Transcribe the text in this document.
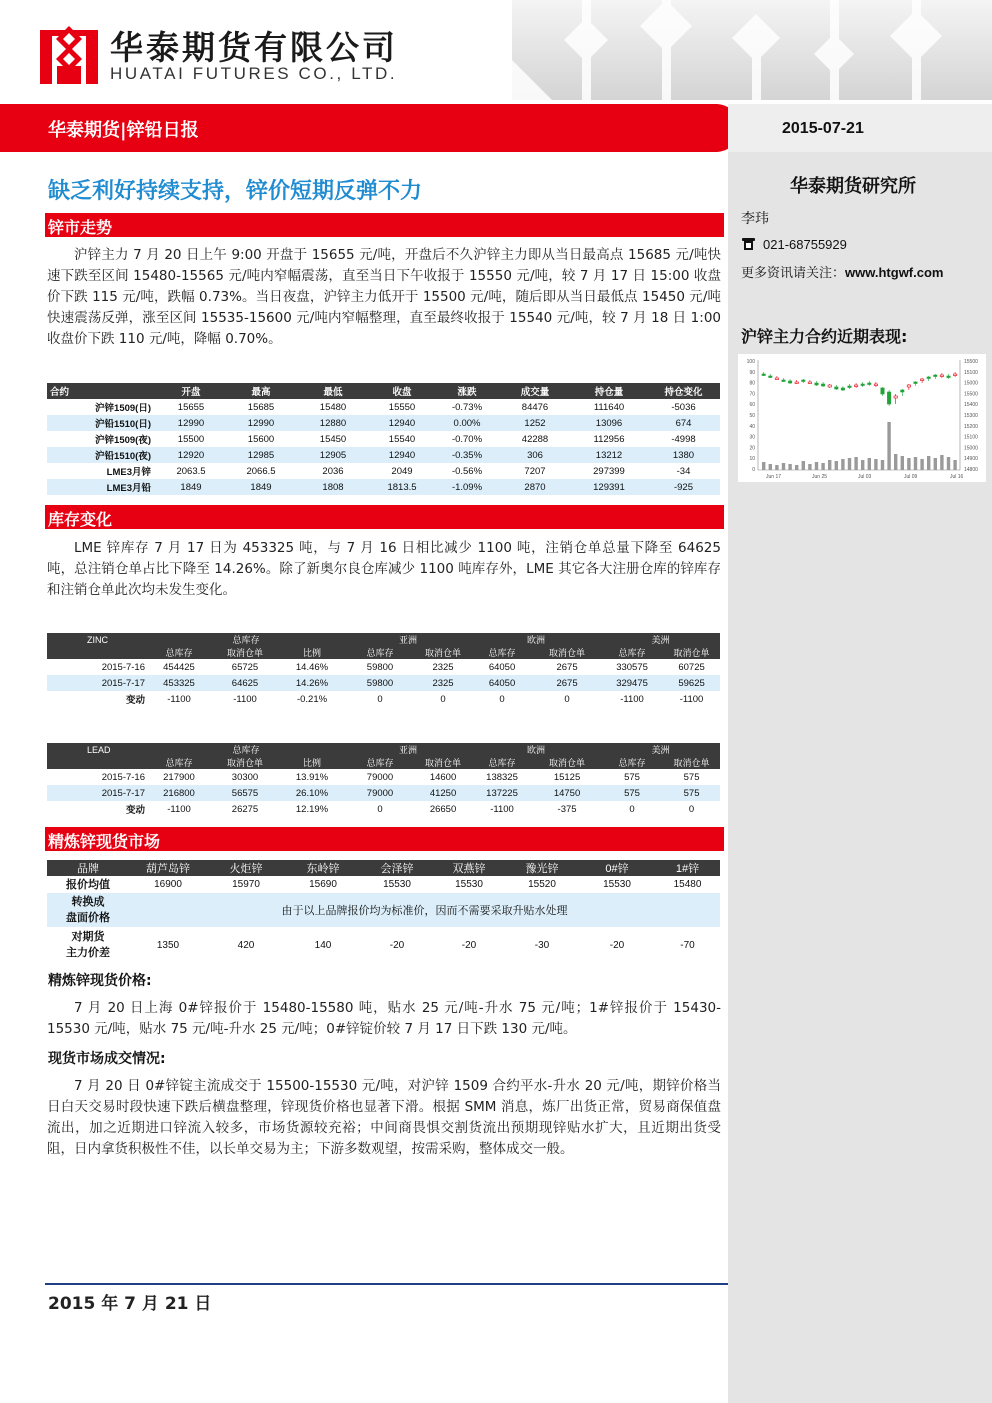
华泰期货有限公司
HUATAI FUTURES CO., LTD.
华泰期货|锌铅日报	2015-07-21
华泰期货研究所
李玮
021-68755929
更多资讯请关注：www.htgwf.com
沪锌主力合约近期表现:
100
90
80
70
60
50
40
30
20
10
0
15500
15100
15000
15500
15400
15300
15200
15100
15000
14900
14800
Jun 17	Jun 25	Jul 03	Jul 09	Jul 16
缺乏利好持续支持，锌价短期反弹不力
锌市走势

沪锌主力 7 月 20 日上午 9:00 开盘于 15655 元/吨，开盘后不久沪锌主力即从当日最高点 15685 元/吨快速下跌至区间 15480-15565 元/吨内窄幅震荡，直至当日下午收报于 15550 元/吨，较 7 月 17 日 15:00 收盘价下跌 115 元/吨，跌幅 0.73%。当日夜盘，沪锌主力低开于 15500 元/吨，随后即从当日最低点 15450 元/吨快速震荡反弹，涨至区间 15535-15600 元/吨内窄幅整理，直至最终收报于 15540 元/吨，较 7 月 18 日 1:00 收盘价下跌 110 元/吨，降幅 0.70%。

合约	开盘	最高	最低	收盘	涨跌	成交量	持仓量	持仓变化
沪锌1509(日)	15655	15685	15480	15550	-0.73%	84476	111640	-5036
沪铅1510(日)	12990	12990	12880	12940	0.00%	1252	13096	674
沪锌1509(夜)	15500	15600	15450	15540	-0.70%	42288	112956	-4998
沪铅1510(夜)	12920	12985	12905	12940	-0.35%	306	13212	1380
LME3月锌	2063.5	2066.5	2036	2049	-0.56%	7207	297399	-34
LME3月铅	1849	1849	1808	1813.5	-1.09%	2870	129391	-925
库存变化

LME 锌库存 7 月 17 日为 453325 吨，与 7 月 16 日相比减少 1100 吨，注销仓单总量下降至 64625 吨，总注销仓单占比下降至 14.26%。除了新奥尔良仓库减少 1100 吨库存外，LME 其它各大注册仓库的锌库存和注销仓单此次均未发生变化。

ZINC	总库存			亚洲		欧洲		美洲	
	总库存	取消仓单	比例	总库存	取消仓单	总库存	取消仓单	总库存	取消仓单
2015-7-16	454425	65725	14.46%	59800	2325	64050	2675	330575	60725
2015-7-17	453325	64625	14.26%	59800	2325	64050	2675	329475	59625
变动	-1100	-1100	-0.21%	0	0	0	0	-1100	-1100
LEAD	总库存			亚洲		欧洲		美洲	
	总库存	取消仓单	比例	总库存	取消仓单	总库存	取消仓单	总库存	取消仓单
2015-7-16	217900	30300	13.91%	79000	14600	138325	15125	575	575
2015-7-17	216800	56575	26.10%	79000	41250	137225	14750	575	575
变动	-1100	26275	12.19%	0	26650	-1100	-375	0	0
精炼锌现货市场
品牌	葫芦岛锌	火炬锌	东岭锌	会泽锌	双燕锌	豫光锌	0#锌	1#锌
报价均值	16900	15970	15690	15530	15530	15520	15530	15480

转换成
盘面价格	由于以上品牌报价均为标准价，因而不需要采取升贴水处理							

对期货
主力价差	1350	420	140	-20	-20	-30	-20	-70
精炼锌现货价格:

7 月 20 日上海 0#锌报价于 15480-15580 吨，贴水 25 元/吨-升水 75 元/吨；1#锌报价于 15430-15530 元/吨，贴水 75 元/吨-升水 25 元/吨；0#锌锭价较 7 月 17 日下跌 130 元/吨。

现货市场成交情况:

7 月 20 日 0#锌锭主流成交于 15500-15530 元/吨，对沪锌 1509 合约平水-升水 20 元/吨，期锌价格当日白天交易时段快速下跌后横盘整理，锌现货价格也显著下滑。根据 SMM 消息，炼厂出货正常，贸易商保值盘流出，加之近期进口锌流入较多，市场货源较充裕；中间商畏惧交割货流出预期现锌贴水扩大，且近期出货受阻，日内拿货积极性不佳，以长单交易为主；下游多数观望，按需采购，整体成交一般。

2015 年 7 月 21 日
